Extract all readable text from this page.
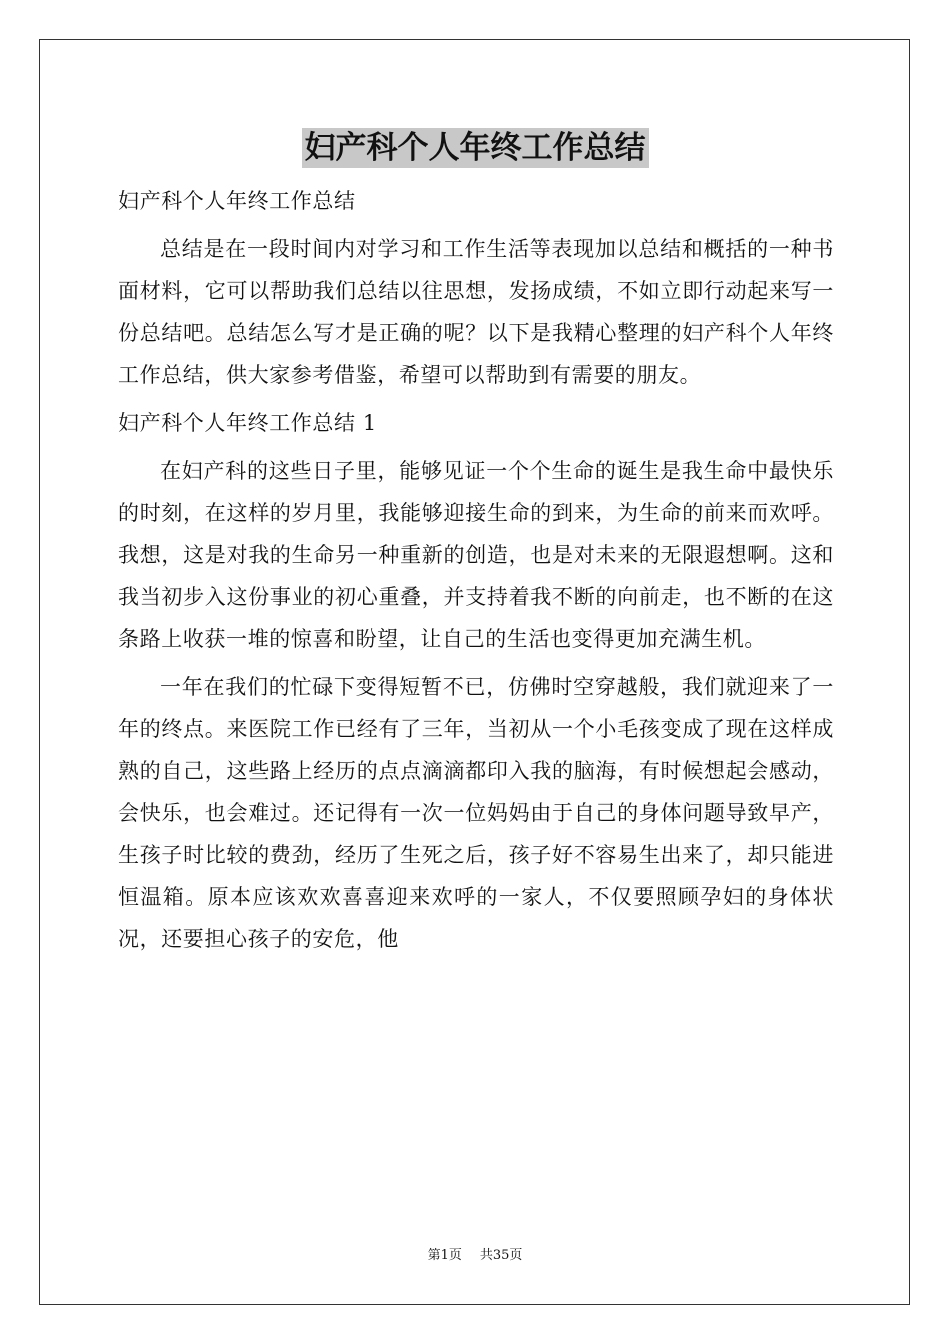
妇产科个人年终工作总结

妇产科个人年终工作总结

总结是在一段时间内对学习和工作生活等表现加以总结和概括的一种书面材料，它可以帮助我们总结以往思想，发扬成绩，不如立即行动起来写一份总结吧。总结怎么写才是正确的呢？以下是我精心整理的妇产科个人年终工作总结，供大家参考借鉴，希望可以帮助到有需要的朋友。

妇产科个人年终工作总结 1

在妇产科的这些日子里，能够见证一个个生命的诞生是我生命中最快乐的时刻，在这样的岁月里，我能够迎接生命的到来，为生命的前来而欢呼。我想，这是对我的生命另一种重新的创造，也是对未来的无限遐想啊。这和我当初步入这份事业的初心重叠，并支持着我不断的向前走，也不断的在这条路上收获一堆的惊喜和盼望，让自己的生活也变得更加充满生机。

一年在我们的忙碌下变得短暂不已，仿佛时空穿越般，我们就迎来了一年的终点。来医院工作已经有了三年，当初从一个小毛孩变成了现在这样成熟的自己，这些路上经历的点点滴滴都印入我的脑海，有时候想起会感动，会快乐，也会难过。还记得有一次一位妈妈由于自己的身体问题导致早产，生孩子时比较的费劲，经历了生死之后，孩子好不容易生出来了，却只能进恒温箱。原本应该欢欢喜喜迎来欢呼的一家人，不仅要照顾孕妇的身体状况，还要担心孩子的安危，他

第1页 共35页
